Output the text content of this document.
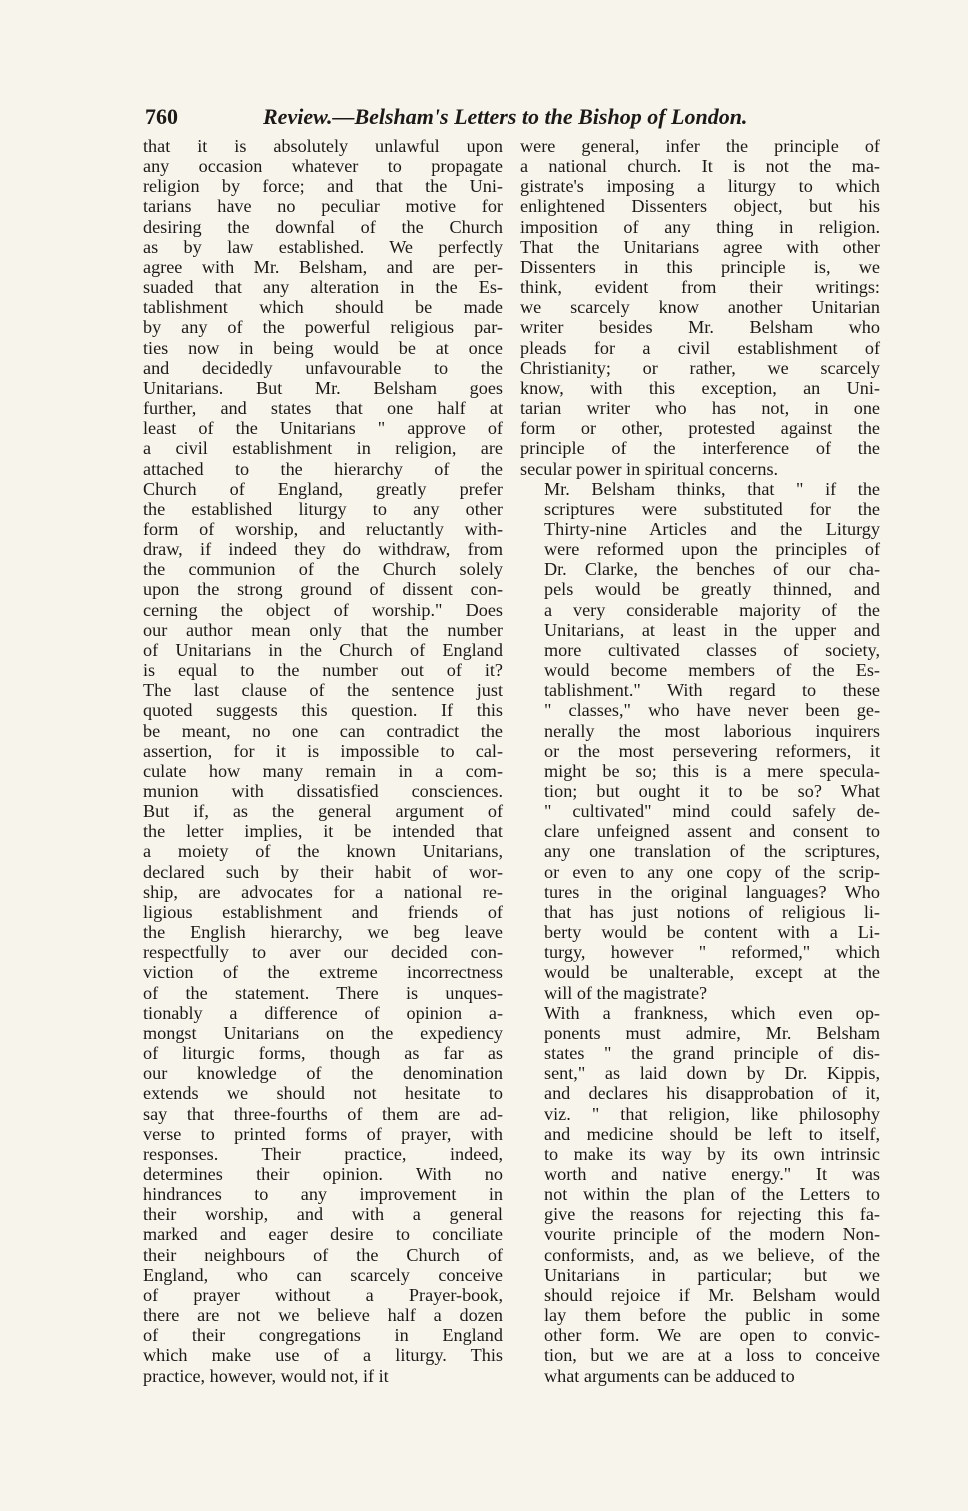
760	Review.—Belsham's Letters to the Bishop of London.

that it is absolutely unlawful upon
any occasion whatever to propagate
religion by force; and that the Uni-
tarians have no peculiar motive for
desiring the downfal of the Church
as by law established. We perfectly
agree with Mr. Belsham, and are per-
suaded that any alteration in the Es-
tablishment which should be made
by any of the powerful religious par-
ties now in being would be at once
and decidedly unfavourable to the
Unitarians. But Mr. Belsham goes
further, and states that one half at
least of the Unitarians " approve of
a civil establishment in religion, are
attached to the hierarchy of the
Church of England, greatly prefer
the established liturgy to any other
form of worship, and reluctantly with-
draw, if indeed they do withdraw, from
the communion of the Church solely
upon the strong ground of dissent con-
cerning the object of worship." Does
our author mean only that the number
of Unitarians in the Church of England
is equal to the number out of it?
The last clause of the sentence just
quoted suggests this question. If this
be meant, no one can contradict the
assertion, for it is impossible to cal-
culate how many remain in a com-
munion with dissatisfied consciences.
But if, as the general argument of
the letter implies, it be intended that
a moiety of the known Unitarians,
declared such by their habit of wor-
ship, are advocates for a national re-
ligious establishment and friends of
the English hierarchy, we beg leave
respectfully to aver our decided con-
viction of the extreme incorrectness
of the statement. There is unques-
tionably a difference of opinion a-
mongst Unitarians on the expediency
of liturgic forms, though as far as
our knowledge of the denomination
extends we should not hesitate to
say that three-fourths of them are ad-
verse to printed forms of prayer, with
responses. Their practice, indeed,
determines their opinion. With no
hindrances to any improvement in
their worship, and with a general
marked and eager desire to conciliate
their neighbours of the Church of
England, who can scarcely conceive
of prayer without a Prayer-book,
there are not we believe half a dozen
of their congregations in England
which make use of a liturgy. This
practice, however, would not, if it

were general, infer the principle of
a national church. It is not the ma-
gistrate's imposing a liturgy to which
enlightened Dissenters object, but his
imposition of any thing in religion.
That the Unitarians agree with other
Dissenters in this principle is, we
think, evident from their writings:
we scarcely know another Unitarian
writer besides Mr. Belsham who
pleads for a civil establishment of
Christianity; or rather, we scarcely
know, with this exception, an Uni-
tarian writer who has not, in one
form or other, protested against the
principle of the interference of the
secular power in spiritual concerns.

Mr. Belsham thinks, that " if the
scriptures were substituted for the
Thirty-nine Articles and the Liturgy
were reformed upon the principles of
Dr. Clarke, the benches of our cha-
pels would be greatly thinned, and
a very considerable majority of the
Unitarians, at least in the upper and
more cultivated classes of society,
would become members of the Es-
tablishment." With regard to these
" classes," who have never been ge-
nerally the most laborious inquirers
or the most persevering reformers, it
might be so; this is a mere specula-
tion; but ought it to be so? What
" cultivated" mind could safely de-
clare unfeigned assent and consent to
any one translation of the scriptures,
or even to any one copy of the scrip-
tures in the original languages? Who
that has just notions of religious li-
berty would be content with a Li-
turgy, however " reformed," which
would be unalterable, except at the
will of the magistrate?

With a frankness, which even op-
ponents must admire, Mr. Belsham
states " the grand principle of dis-
sent," as laid down by Dr. Kippis,
and declares his disapprobation of it,
viz. " that religion, like philosophy
and medicine should be left to itself,
to make its way by its own intrinsic
worth and native energy." It was
not within the plan of the Letters to
give the reasons for rejecting this fa-
vourite principle of the modern Non-
conformists, and, as we believe, of the
Unitarians in particular; but we
should rejoice if Mr. Belsham would
lay them before the public in some
other form. We are open to convic-
tion, but we are at a loss to conceive
what arguments can be adduced to
